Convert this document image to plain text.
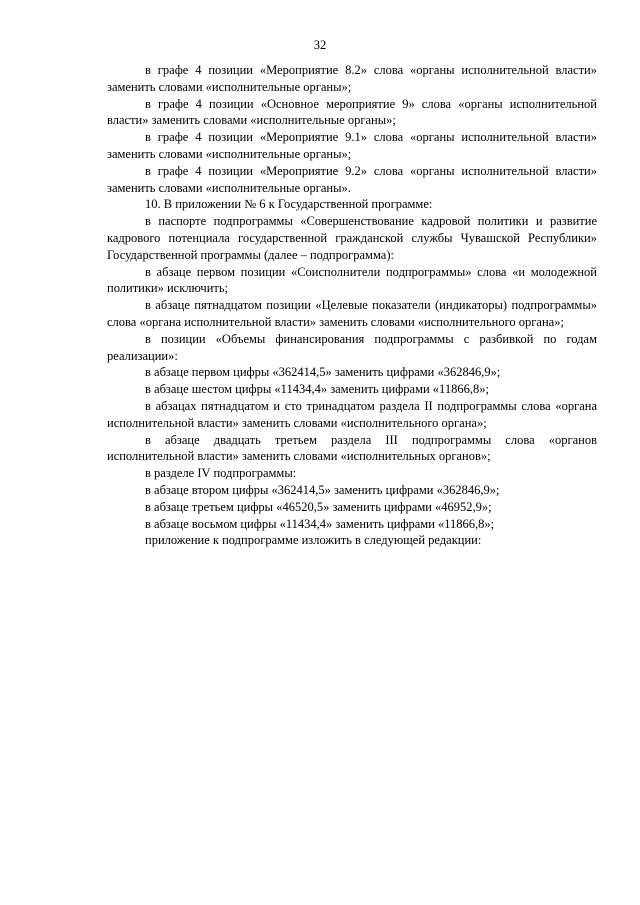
32

в графе 4 позиции «Мероприятие 8.2» слова «органы исполнительной власти» заменить словами «исполнительные органы»;

в графе 4 позиции «Основное мероприятие 9» слова «органы исполнительной власти» заменить словами «исполнительные органы»;

в графе 4 позиции «Мероприятие 9.1» слова «органы исполнительной власти» заменить словами «исполнительные органы»;

в графе 4 позиции «Мероприятие 9.2» слова «органы исполнительной власти» заменить словами «исполнительные органы».

10. В приложении № 6 к Государственной программе:

в паспорте подпрограммы «Совершенствование кадровой политики и развитие кадрового потенциала государственной гражданской службы Чувашской Республики» Государственной программы (далее – подпрограмма):

в абзаце первом позиции «Соисполнители подпрограммы» слова «и молодежной политики» исключить;

в абзаце пятнадцатом позиции «Целевые показатели (индикаторы) подпрограммы» слова «органа исполнительной власти» заменить словами «исполнительного органа»;

в позиции «Объемы финансирования подпрограммы с разбивкой по годам реализации»:

в абзаце первом цифры «362414,5» заменить цифрами «362846,9»;

в абзаце шестом цифры «11434,4» заменить цифрами «11866,8»;

в абзацах пятнадцатом и сто тринадцатом раздела II подпрограммы слова «органа исполнительной власти» заменить словами «исполнительного органа»;

в абзаце двадцать третьем раздела III подпрограммы слова «органов исполнительной власти» заменить словами «исполнительных органов»;

в разделе IV подпрограммы:

в абзаце втором цифры «362414,5» заменить цифрами «362846,9»;

в абзаце третьем цифры «46520,5» заменить цифрами «46952,9»;

в абзаце восьмом цифры «11434,4» заменить цифрами «11866,8»;

приложение к подпрограмме изложить в следующей редакции:
